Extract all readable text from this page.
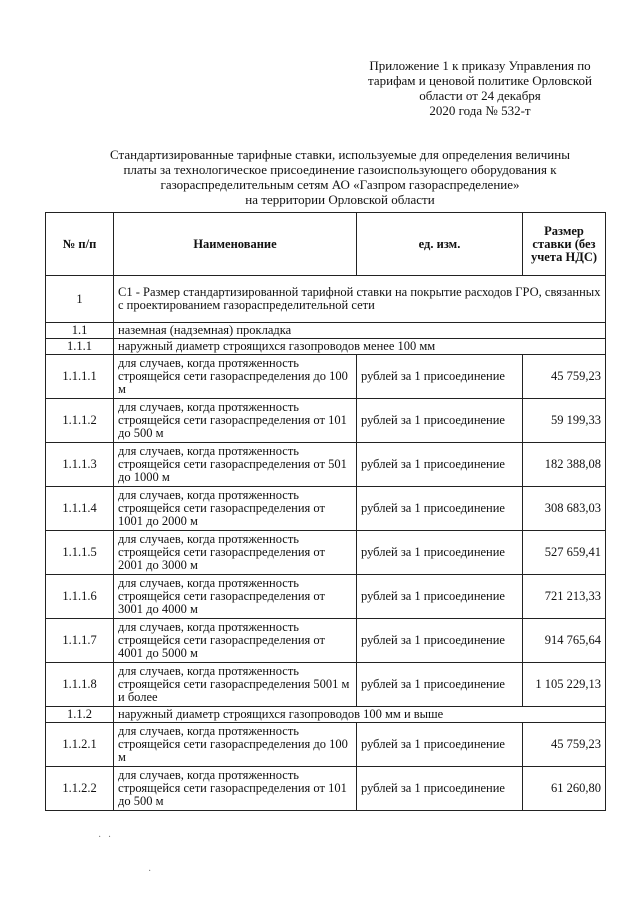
Приложение 1 к приказу Управления по
тарифам и ценовой политике Орловской
области от 24 декабря
2020 года № 532-т
Стандартизированные тарифные ставки, используемые для определения величины
платы за технологическое присоединение газоиспользующего оборудования к
газораспределительным сетям АО «Газпром газораспределение»
на территории Орловской области
№ п/п	Наименование	ед. изм.	Размер ставки (без учета НДС)
1	С1 - Размер стандартизированной тарифной ставки на покрытие расходов ГРО, связанных с проектированием газораспределительной сети		
1.1	наземная (надземная) прокладка		
1.1.1	наружный диаметр строящихся газопроводов менее 100 мм		
1.1.1.1	для случаев, когда протяженность строящейся сети газораспределения до 100 м	рублей за 1 присоединение	45 759,23
1.1.1.2	для случаев, когда протяженность строящейся сети газораспределения от 101 до 500 м	рублей за 1 присоединение	59 199,33
1.1.1.3	для случаев, когда протяженность строящейся сети газораспределения от 501 до 1000 м	рублей за 1 присоединение	182 388,08
1.1.1.4	для случаев, когда протяженность строящейся сети газораспределения от 1001 до 2000 м	рублей за 1 присоединение	308 683,03
1.1.1.5	для случаев, когда протяженность строящейся сети газораспределения от 2001 до 3000 м	рублей за 1 присоединение	527 659,41
1.1.1.6	для случаев, когда протяженность строящейся сети газораспределения от 3001 до 4000 м	рублей за 1 присоединение	721 213,33
1.1.1.7	для случаев, когда протяженность строящейся сети газораспределения от 4001 до 5000 м	рублей за 1 присоединение	914 765,64
1.1.1.8	для случаев, когда протяженность строящейся сети газораспределения 5001 м и более	рублей за 1 присоединение	1 105 229,13
1.1.2	наружный диаметр строящихся газопроводов 100 мм и выше		
1.1.2.1	для случаев, когда протяженность строящейся сети газораспределения до 100 м	рублей за 1 присоединение	45 759,23
1.1.2.2	для случаев, когда протяженность строящейся сети газораспределения от 101 до 500 м	рублей за 1 присоединение	61 260,80
· ·
·
